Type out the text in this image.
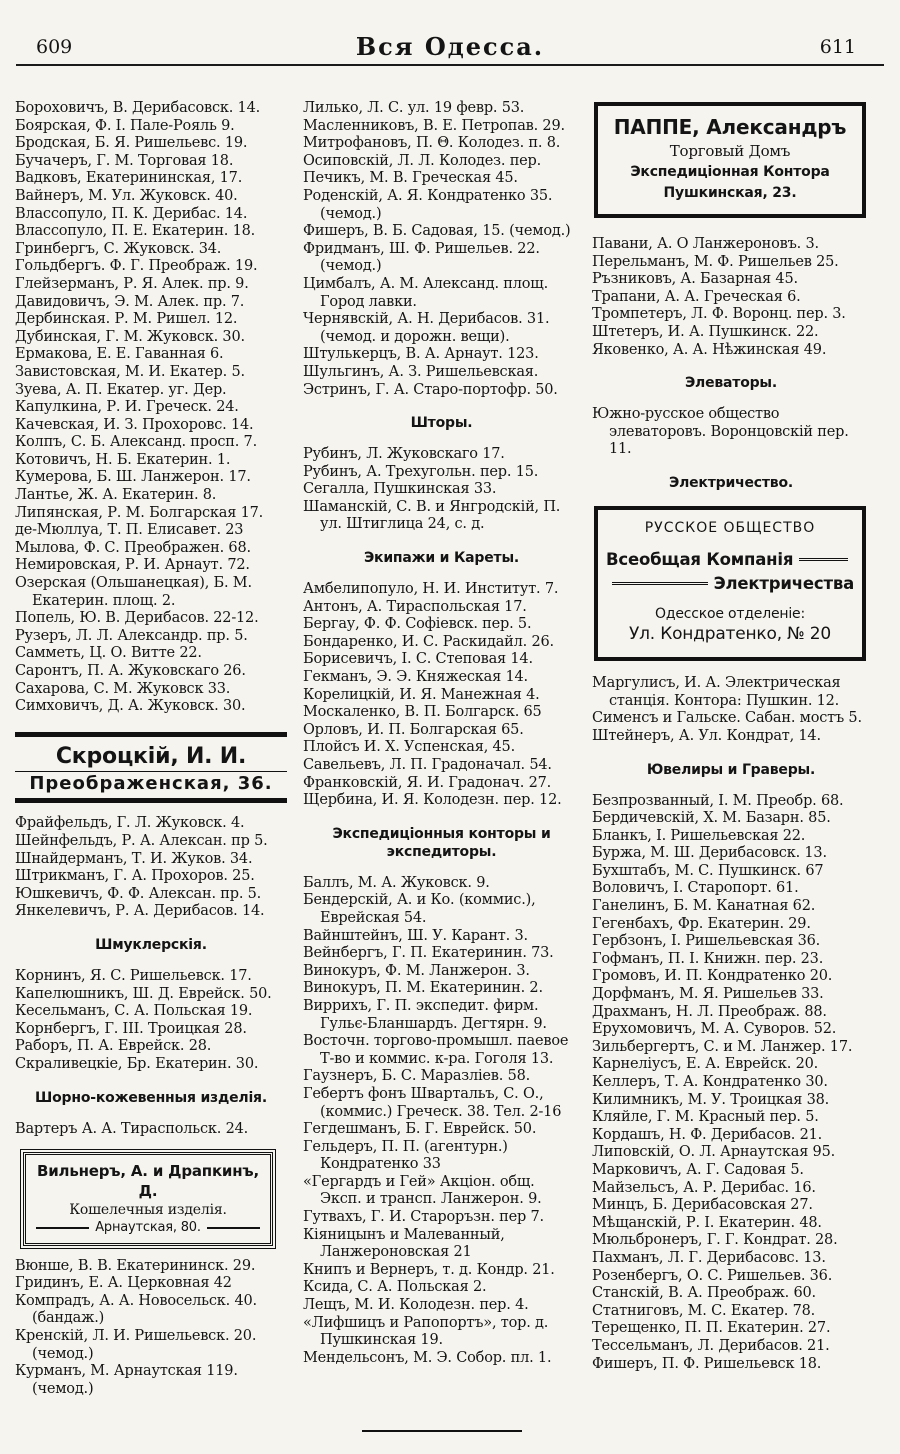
609	Вся Одесса.	611
Бороховичъ, В. Дерибасовск. 14.
Боярская, Ф. I. Пале-Рояль 9.
Бродская, Б. Я. Ришельевс. 19.
Бучачеръ, Г. М. Торговая 18.
Вадковъ, Екатерининская, 17.
Вайнеръ, М. Ул. Жуковск. 40.
Влассопуло, П. К. Дерибас. 14.
Влассопуло, П. Е. Екатерин. 18.
Гринбергъ, С. Жуковск. 34.
Гольдбергъ. Ф. Г. Преображ. 19.
Глейзерманъ, Р. Я. Алек. пр. 9.
Давидовичъ, Э. М. Алек. пр. 7.
Дербинская. Р. М. Ришел. 12.
Дубинская, Г. М. Жуковск. 30.
Ермакова, Е. Е. Гаванная 6.
Завистовская, М. И. Екатер. 5.
Зуева, А. П. Екатер. уг. Дер.
Капулкина, Р. И. Греческ. 24.
Качевская, И. З. Прохоровс. 14.
Колпъ, С. Б. Александ. просп. 7.
Котовичъ, Н. Б. Екатерин. 1.
Кумерова, Б. Ш. Ланжерон. 17.
Лантье, Ж. А. Екатерин. 8.
Липянская, Р. М. Болгарская 17.
де-Мюллуа, Т. П. Елисавет. 23
Мылова, Ф. С. Преображен. 68.
Немировская, Р. И. Арнаут. 72.
Озерская (Ольшанецкая), Б. М. Екатерин. площ. 2.
Попель, Ю. В. Дерибасов. 22-12.
Рузеръ, Л. Л. Александр. пр. 5.
Самметь, Ц. О. Витте 22.
Саронтъ, П. А. Жуковскаго 26.
Сахарова, С. М. Жуковск 33.
Симховичъ, Д. А. Жуковск. 30.
Скроцкій, И. И.
Преображенская, 36.
Фрайфельдъ, Г. Л. Жуковск. 4.
Шейнфельдъ, Р. А. Алексан. пр 5.
Шнайдерманъ, Т. И. Жуков. 34.
Штрикманъ, Г. А. Прохоров. 25.
Юшкевичъ, Ф. Ф. Алексан. пр. 5.
Янкелевичъ, Р. А. Дерибасов. 14.
Шмуклерскія.
Корнинъ, Я. С. Ришельевск. 17.
Капелюшникъ, Ш. Д. Еврейск. 50.
Кесельманъ, С. А. Польская 19.
Корнбергъ, Г. III. Троицкая 28.
Раборъ, П. А. Еврейск. 28.
Скраливецкіе, Бр. Екатерин. 30.
Шорно-кожевенныя изделія.
Вартеръ А. А. Тираспольск. 24.
Вильнеръ, А. и Драпкинъ, Д.
Кошелечныя изделія.
Арнаутская, 80.
Вюнше, В. В. Екатерининск. 29.
Гридинъ, Е. А. Церковная 42
Компрадъ, А. А. Новосельск. 40. (бандаж.)
Кренскій, Л. И. Ришельевск. 20. (чемод.)
Курманъ, М. Арнаутская 119. (чемод.)
Лилько, Л. С. ул. 19 февр. 53.
Масленниковъ, В. Е. Петропав. 29.
Митрофановъ, П. Θ. Колодез. п. 8.
Осиповскій, Л. Л. Колодез. пер.
Печикъ, М. В. Греческая 45.
Роденскій, А. Я. Кондратенко 35. (чемод.)
Фишеръ, В. Б. Садовая, 15. (чемод.)
Фридманъ, Ш. Ф. Ришельев. 22. (чемод.)
Цимбалъ, А. М. Александ. площ. Город лавки.
Чернявскій, А. Н. Дерибасов. 31. (чемод. и дорожн. вещи).
Штулькерцъ, В. А. Арнаут. 123.
Шульгинъ, А. З. Ришельевская.
Эстринъ, Г. А. Старо-портофр. 50.
Шторы.
Рубинъ, Л. Жуковскаго 17.
Рубинъ, А. Трехугольн. пер. 15.
Сегалла, Пушкинская 33.
Шаманскій, С. В. и Янгродскій, П. ул. Штиглица 24, с. д.
Экипажи и Кареты.
Амбелипопуло, Н. И. Институт. 7.
Антонъ, А. Тираспольская 17.
Бергау, Ф. Ф. Софіевск. пер. 5.
Бондаренко, И. С. Раскидайл. 26.
Борисевичъ, I. С. Степовая 14.
Гекманъ, Э. Э. Княжеская 14.
Корелицкій, И. Я. Манежная 4.
Москаленко, В. П. Болгарск. 65
Орловъ, И. П. Болгарская 65.
Плойсъ И. Х. Успенская, 45.
Савельевъ, Л. П. Градоначал. 54.
Франковскій, Я. И. Градонач. 27.
Щербина, И. Я. Колодезн. пер. 12.
Экспедиціонныя конторы и экспедиторы.
Баллъ, М. А. Жуковск. 9.
Бендерскій, А. и Ко. (коммис.), Еврейская 54.
Вайнштейнъ, Ш. У. Карант. 3.
Вейнбергъ, Г. П. Екатеринин. 73.
Винокуръ, Ф. М. Ланжерон. 3.
Винокуръ, П. М. Екатеринин. 2.
Виррихъ, Г. П. экспедит. фирм. Гульє-Бланшардъ. Дегтярн. 9.
Восточн. торгово-промышл. паевое Т-во и коммис. к-ра. Гоголя 13.
Гаузнеръ, Б. С. Маразліев. 58.
Гебертъ фонъ Швартальъ, С. О., (коммис.) Греческ. 38. Тел. 2-16
Гегдешманъ, Б. Г. Еврейск. 50.
Гельдеръ, П. П. (агентурн.) Кондратенко 33
«Гергардъ и Гей» Акціон. общ. Эксп. и трансп. Ланжерон. 9.
Гутвахъ, Г. И. Староръзн. пер 7.
Кіяницынъ и Малеванный, Ланжероновская 21
Книпъ и Вернеръ, т. д. Кондр. 21.
Ксида, С. А. Польская 2.
Лещъ, М. И. Колодезн. пер. 4.
«Лифшицъ и Рапопортъ», тор. д. Пушкинская 19.
Мендельсонъ, М. Э. Собор. пл. 1.
ПАППЕ, Александръ
Торговый Домъ
Экспедиціонная Контора
Пушкинская, 23.
Павани, А. О Ланжероновъ. 3.
Перельманъ, М. Ф. Ришельев 25.
Ръзниковъ, А. Базарная 45.
Трапани, А. А. Греческая 6.
Тромпетеръ, Л. Ф. Воронц. пер. 3.
Штетеръ, И. А. Пушкинск. 22.
Яковенко, А. А. Нѣжинская 49.
Элеваторы.
Южно-русское общество элеваторовъ. Воронцовскій пер. 11.
Электричество.
РУССКОЕ ОБЩЕСТВО
Всеобщая Компанія
Электричества
Одесское отделеніе:
Ул. Кондратенко, № 20
Маргулисъ, И. А. Электрическая станція. Контора: Пушкин. 12.
Сименсъ и Гальске. Сабан. мостъ 5.
Штейнеръ, А. Ул. Кондрат, 14.
Ювелиры и Граверы.
Безпрозванный, I. М. Преобр. 68.
Бердичевскій, Х. М. Базарн. 85.
Бланкъ, I. Ришельевская 22.
Буржа, М. Ш. Дерибасовск. 13.
Бухштабъ, М. С. Пушкинск. 67
Воловичъ, I. Старопорт. 61.
Ганелинъ, Б. М. Канатная 62.
Гегенбахъ, Фр. Екатерин. 29.
Гербзонъ, I. Ришельевская 36.
Гофманъ, П. I. Книжн. пер. 23.
Громовъ, И. П. Кондратенко 20.
Дорфманъ, М. Я. Ришельев 33.
Драхманъ, Н. Л. Преображ. 88.
Ерухомовичъ, М. А. Суворов. 52.
Зильбергертъ, С. и М. Ланжер. 17.
Карнеліусъ, Е. А. Еврейск. 20.
Келлеръ, Т. А. Кондратенко 30.
Килимникъ, М. У. Троицкая 38.
Кляйле, Г. М. Красный пер. 5.
Кордашъ, Н. Ф. Дерибасов. 21.
Липовскій, О. Л. Арнаутская 95.
Марковичъ, А. Г. Садовая 5.
Майзельсъ, А. Р. Дерибас. 16.
Минцъ, Б. Дерибасовская 27.
Мѣщанскій, Р. I. Екатерин. 48.
Мюльбронеръ, Г. Г. Кондрат. 28.
Пахманъ, Л. Г. Дерибасовс. 13.
Розенбергъ, О. С. Ришельев. 36.
Станскій, В. А. Преображ. 60.
Статниговъ, М. С. Екатер. 78.
Терещенко, П. П. Екатерин. 27.
Тессельманъ, Л. Дерибасов. 21.
Фишеръ, П. Ф. Ришельевск 18.
